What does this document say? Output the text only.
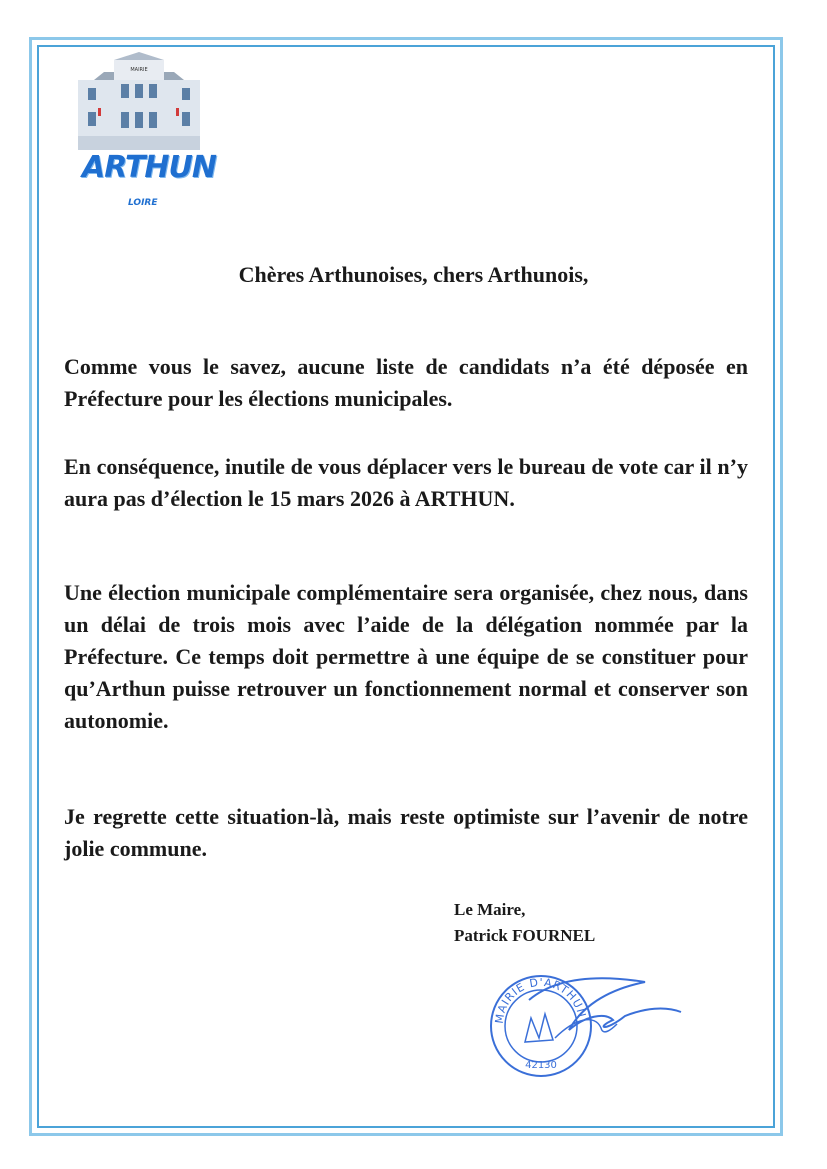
MAIRIE
ARTHUN
LOIRE
Chères Arthunoises, chers Arthunois,

Comme vous le savez, aucune liste de candidats n’a été déposée en Préfecture pour les élections municipales.

En conséquence, inutile de vous déplacer vers le bureau de vote car il n’y aura pas d’élection le 15 mars 2026 à ARTHUN.

Une élection municipale complémentaire sera organisée, chez nous, dans un délai de trois mois avec l’aide de la délégation nommée par la Préfecture. Ce temps doit permettre à une équipe de se constituer pour qu’Arthun puisse retrouver un fonctionnement normal et conserver son autonomie.

Je regrette cette situation-là, mais reste optimiste sur l’avenir de notre jolie commune.

Le Maire,
Patrick FOURNEL
MAIRIE D'ARTHUN
42130
